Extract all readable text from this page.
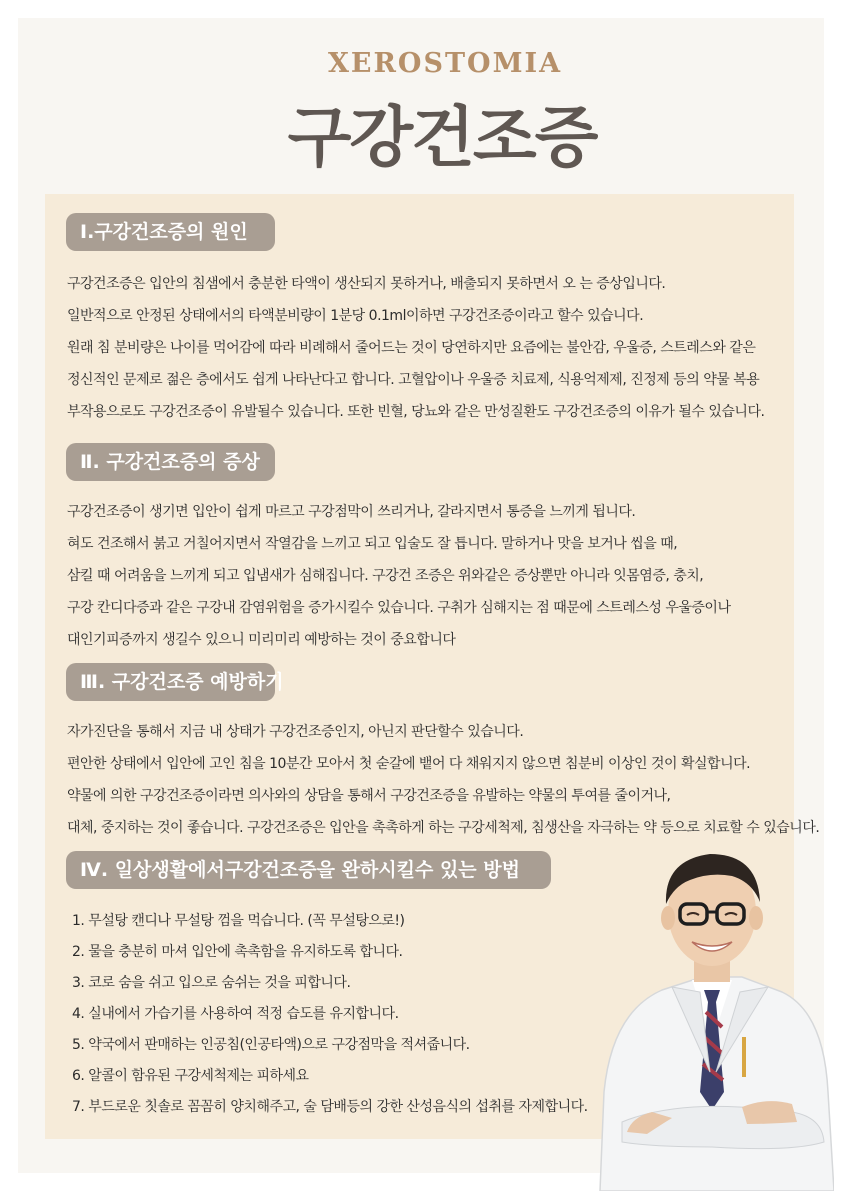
XEROSTOMIA
구강건조증
Ⅰ.구강건조증의 원인
구강건조증은 입안의 침샘에서 충분한 타액이 생산되지 못하거나, 배출되지 못하면서 오 는 증상입니다.
일반적으로 안정된 상태에서의 타액분비량이 1분당 0.1ml이하면 구강건조증이라고 할수 있습니다.
원래 침 분비량은 나이를 먹어감에 따라 비례해서 줄어드는 것이 당연하지만 요즘에는 불안감, 우울증, 스트레스와 같은
정신적인 문제로 젊은 층에서도 쉽게 나타난다고 합니다. 고혈압이나 우울증 치료제, 식용억제제, 진정제 등의 약물 복용
부작용으로도 구강건조증이 유발될수 있습니다. 또한 빈혈, 당뇨와 같은 만성질환도 구강건조증의 이유가 될수 있습니다.
Ⅱ. 구강건조증의 증상
구강건조증이 생기면 입안이 쉽게 마르고 구강점막이 쓰리거나, 갈라지면서 통증을 느끼게 됩니다.
혀도 건조해서 붉고 거칠어지면서 작열감을 느끼고 되고 입술도 잘 틉니다. 말하거나 맛을 보거나 씹을 때,
삼킬 때 어려움을 느끼게 되고 입냄새가 심해집니다. 구강건 조증은 위와같은 증상뿐만 아니라 잇몸염증, 충치,
구강 칸디다증과 같은 구강내 감염위험을 증가시킬수 있습니다. 구취가 심해지는 점 때문에 스트레스성 우울증이나
대인기피증까지 생길수 있으니 미리미리 예방하는 것이 중요합니다
Ⅲ. 구강건조증 예방하기
자가진단을 통해서 지금 내 상태가 구강건조증인지, 아닌지 판단할수 있습니다.
편안한 상태에서 입안에 고인 침을 10분간 모아서 첫 숟갈에 뱉어 다 채워지지 않으면 침분비 이상인 것이 확실합니다.
약물에 의한 구강건조증이라면 의사와의 상담을 통해서 구강건조증을 유발하는 약물의 투여를 줄이거나,
대체, 중지하는 것이 좋습니다. 구강건조증은 입안을 촉촉하게 하는 구강세척제, 침생산을 자극하는 약 등으로 치료할 수 있습니다.
Ⅳ. 일상생활에서구강건조증을 완하시킬수 있는 방법
1. 무설탕 캔디나 무설탕 껌을 먹습니다. (꼭 무설탕으로!)
2. 물을 충분히 마셔 입안에 촉촉함을 유지하도록 합니다.
3. 코로 숨을 쉬고 입으로 숨쉬는 것을 피합니다.
4. 실내에서 가습기를 사용하여 적정 습도를 유지합니다.
5. 약국에서 판매하는 인공침(인공타액)으로 구강점막을 적셔줍니다.
6. 알콜이 함유된 구강세척제는 피하세요
7. 부드로운 칫솔로 꼼꼼히 양치해주고, 술 담배등의 강한 산성음식의 섭취를 자제합니다.
